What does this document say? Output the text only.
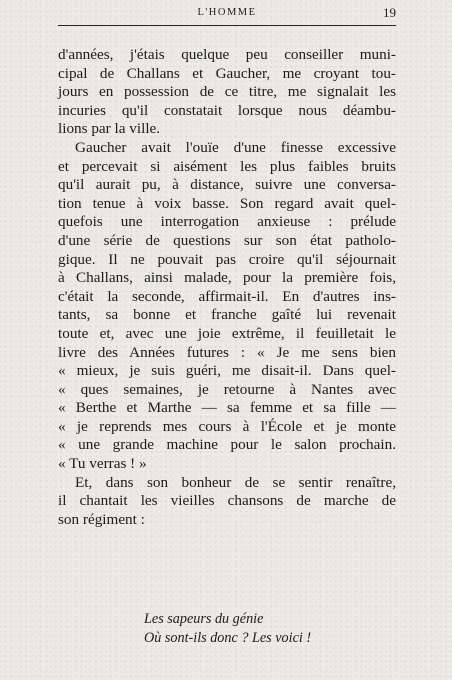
L'HOMME	19
d'années, j'étais quelque peu conseiller muni-
cipal de Challans et Gaucher, me croyant tou-
jours en possession de ce titre, me signalait les
incuries qu'il constatait lorsque nous déambu-
lions par la ville.
Gaucher avait l'ouïe d'une finesse excessive
et percevait si aisément les plus faibles bruits
qu'il aurait pu, à distance, suivre une conversa-
tion tenue à voix basse. Son regard avait quel-
quefois une interrogation anxieuse : prélude
d'une série de questions sur son état patholo-
gique. Il ne pouvait pas croire qu'il séjournait
à Challans, ainsi malade, pour la première fois,
c'était la seconde, affirmait-il. En d'autres ins-
tants, sa bonne et franche gaîté lui revenait
toute et, avec une joie extrême, il feuilletait le
livre des Années futures : « Je me sens bien
« mieux, je suis guéri, me disait-il. Dans quel-
« ques semaines, je retourne à Nantes avec
« Berthe et Marthe — sa femme et sa fille —
« je reprends mes cours à l'École et je monte
« une grande machine pour le salon prochain.
« Tu verras ! »
Et, dans son bonheur de se sentir renaître,
il chantait les vieilles chansons de marche de
son régiment :
Les sapeurs du génie
Où sont-ils donc ? Les voici !
